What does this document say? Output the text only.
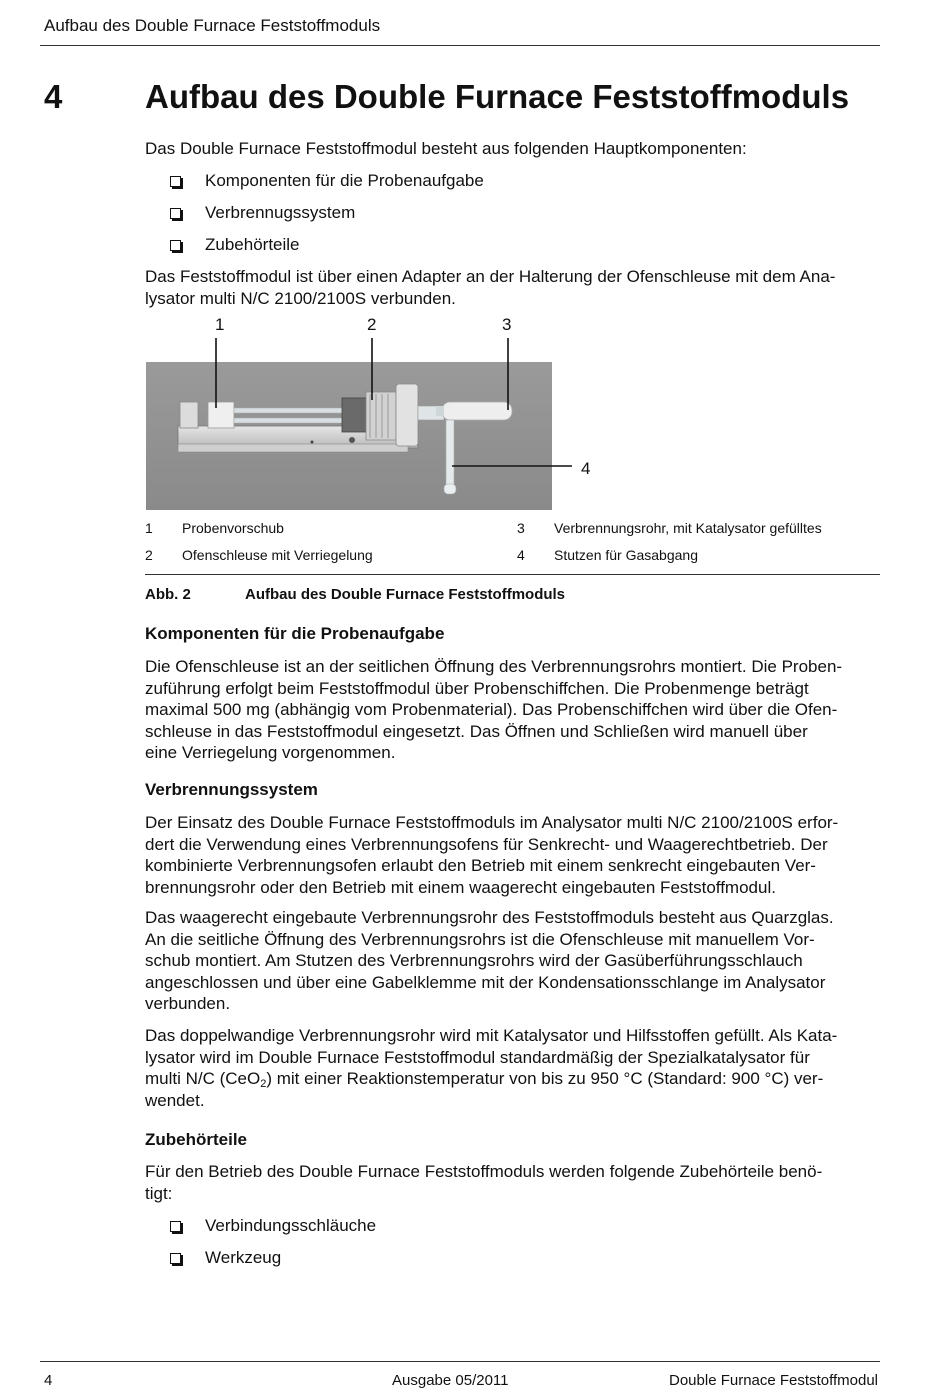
Aufbau des Double Furnace Feststoffmoduls
4	Aufbau des Double Furnace Feststoffmoduls
Das Double Furnace Feststoffmodul besteht aus folgenden Hauptkomponenten:
Komponenten für die Probenaufgabe
Verbrennugssystem
Zubehörteile
Das Feststoffmodul ist über einen Adapter an der Halterung der Ofenschleuse mit dem Ana-
lysator multi N/C 2100/2100S verbunden.
1	2	3
4
1 Probenvorschub	3 Verbrennungsrohr, mit Katalysator gefülltes
2 Ofenschleuse mit Verriegelung	4 Stutzen für Gasabgang
Abb. 2	Aufbau des Double Furnace Feststoffmoduls
Komponenten für die Probenaufgabe
Die Ofenschleuse ist an der seitlichen Öffnung des Verbrennungsrohrs montiert. Die Proben-
zuführung erfolgt beim Feststoffmodul über Probenschiffchen. Die Probenmenge beträgt
maximal 500 mg (abhängig vom Probenmaterial). Das Probenschiffchen wird über die Ofen-
schleuse in das Feststoffmodul eingesetzt. Das Öffnen und Schließen wird manuell über
eine Verriegelung vorgenommen.
Verbrennungssystem
Der Einsatz des Double Furnace Feststoffmoduls im Analysator multi N/C 2100/2100S erfor-
dert die Verwendung eines Verbrennungsofens für Senkrecht- und Waagerechtbetrieb. Der
kombinierte Verbrennungsofen erlaubt den Betrieb mit einem senkrecht eingebauten Ver-
brennungsrohr oder den Betrieb mit einem waagerecht eingebauten Feststoffmodul.
Das waagerecht eingebaute Verbrennungsrohr des Feststoffmoduls besteht aus Quarzglas.
An die seitliche Öffnung des Verbrennungsrohrs ist die Ofenschleuse mit manuellem Vor-
schub montiert. Am Stutzen des Verbrennungsrohrs wird der Gasüberführungsschlauch
angeschlossen und über eine Gabelklemme mit der Kondensationsschlange im Analysator
verbunden.
Das doppelwandige Verbrennungsrohr wird mit Katalysator und Hilfsstoffen gefüllt. Als Kata-
lysator wird im Double Furnace Feststoffmodul standardmäßig der Spezialkatalysator für
multi N/C (CeO$_2$) mit einer Reaktionstemperatur von bis zu 950 °C (Standard: 900 °C) ver-
wendet.
Zubehörteile
Für den Betrieb des Double Furnace Feststoffmoduls werden folgende Zubehörteile benö-
tigt:
Verbindungsschläuche
Werkzeug
4	Ausgabe 05/2011	Double Furnace Feststoffmodul
